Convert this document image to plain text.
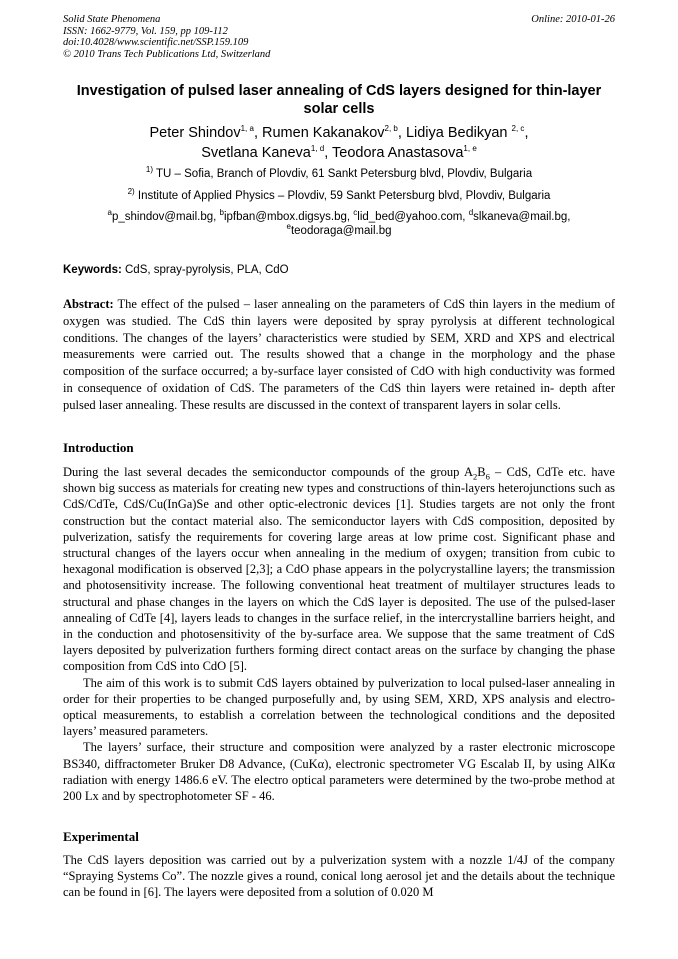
Solid State Phenomena
ISSN: 1662-9779, Vol. 159, pp 109-112
doi:10.4028/www.scientific.net/SSP.159.109
© 2010 Trans Tech Publications Ltd, Switzerland
Online: 2010-01-26
Investigation of pulsed laser annealing of CdS layers designed for thin-layer solar cells
Peter Shindov$^{1, a}$, Rumen Kakanakov$^{2, b}$, Lidiya Bedikyan $^{2, c}$,
Svetlana Kaneva$^{1, d}$, Teodora Anastasova$^{1, e}$
$^{1)}$ TU – Sofia, Branch of Plovdiv, 61 Sankt Petersburg blvd, Plovdiv, Bulgaria
$^{2)}$ Institute of Applied Physics – Plovdiv, 59 Sankt Petersburg blvd, Plovdiv, Bulgaria
$^a$p_shindov@mail.bg, $^b$ipfban@mbox.digsys.bg, $^c$lid_bed@yahoo.com, $^d$slkaneva@mail.bg,
$^e$teodoraga@mail.bg
Keywords: CdS, spray-pyrolysis, PLA, CdO
Abstract: The effect of the pulsed – laser annealing on the parameters of CdS thin layers in the medium of oxygen was studied. The CdS thin layers were deposited by spray pyrolysis at different technological conditions. The changes of the layers’ characteristics were studied by SEM, XRD and XPS and electrical measurements were carried out. The results showed that a change in the morphology and the phase composition of the surface occurred; a by-surface layer consisted of CdO with high conductivity was formed in consequence of oxidation of CdS. The parameters of the CdS thin layers were retained in- depth after pulsed laser annealing. These results are discussed in the context of transparent layers in solar cells.
Introduction

During the last several decades the semiconductor compounds of the group $A_2B_6$ – CdS, CdTe etc. have shown big success as materials for creating new types and constructions of thin-layers heterojunctions such as CdS/CdTe, CdS/Cu(InGa)Se and other optic-electronic devices [1]. Studies targets are not only the front construction but the contact material also. The semiconductor layers with CdS composition, deposited by pulverization, satisfy the requirements for covering large areas at low prime cost. Significant phase and structural changes of the layers occur when annealing in the medium of oxygen; transition from cubic to hexagonal modification is observed [2,3]; a CdO phase appears in the polycrystalline layers; the transmission and photosensitivity increase. The following conventional heat treatment of multilayer structures leads to structural and phase changes in the layers on which the CdS layer is deposited. The use of the pulsed-laser annealing of CdTe [4], layers leads to changes in the surface relief, in the intercrystalline barriers height, and in the conduction and photosensitivity of the by-surface area. We suppose that the same treatment of CdS layers deposited by pulverization furthers forming direct contact areas on the surface by changing the phase composition from CdS into CdO [5].

The aim of this work is to submit CdS layers obtained by pulverization to local pulsed-laser annealing in order for their properties to be changed purposefully and, by using SEM, XRD, XPS analysis and electro-optical measurements, to establish a correlation between the technological conditions and the deposited layers’ measured parameters.

The layers’ surface, their structure and composition were analyzed by a raster electronic microscope BS340, diffractometer Bruker D8 Advance, (CuKα), electronic spectrometer VG Escalab II, by using AlKα radiation with energy 1486.6 eV. The electro optical parameters were determined by the two-probe method at 200 Lx and by spectrophotometer SF - 46.

Experimental

The CdS layers deposition was carried out by a pulverization system with a nozzle 1/4J of the company “Spraying Systems Co”. The nozzle gives a round, conical long aerosol jet and the details about the technique can be found in [6]. The layers were deposited from a solution of 0.020 M
